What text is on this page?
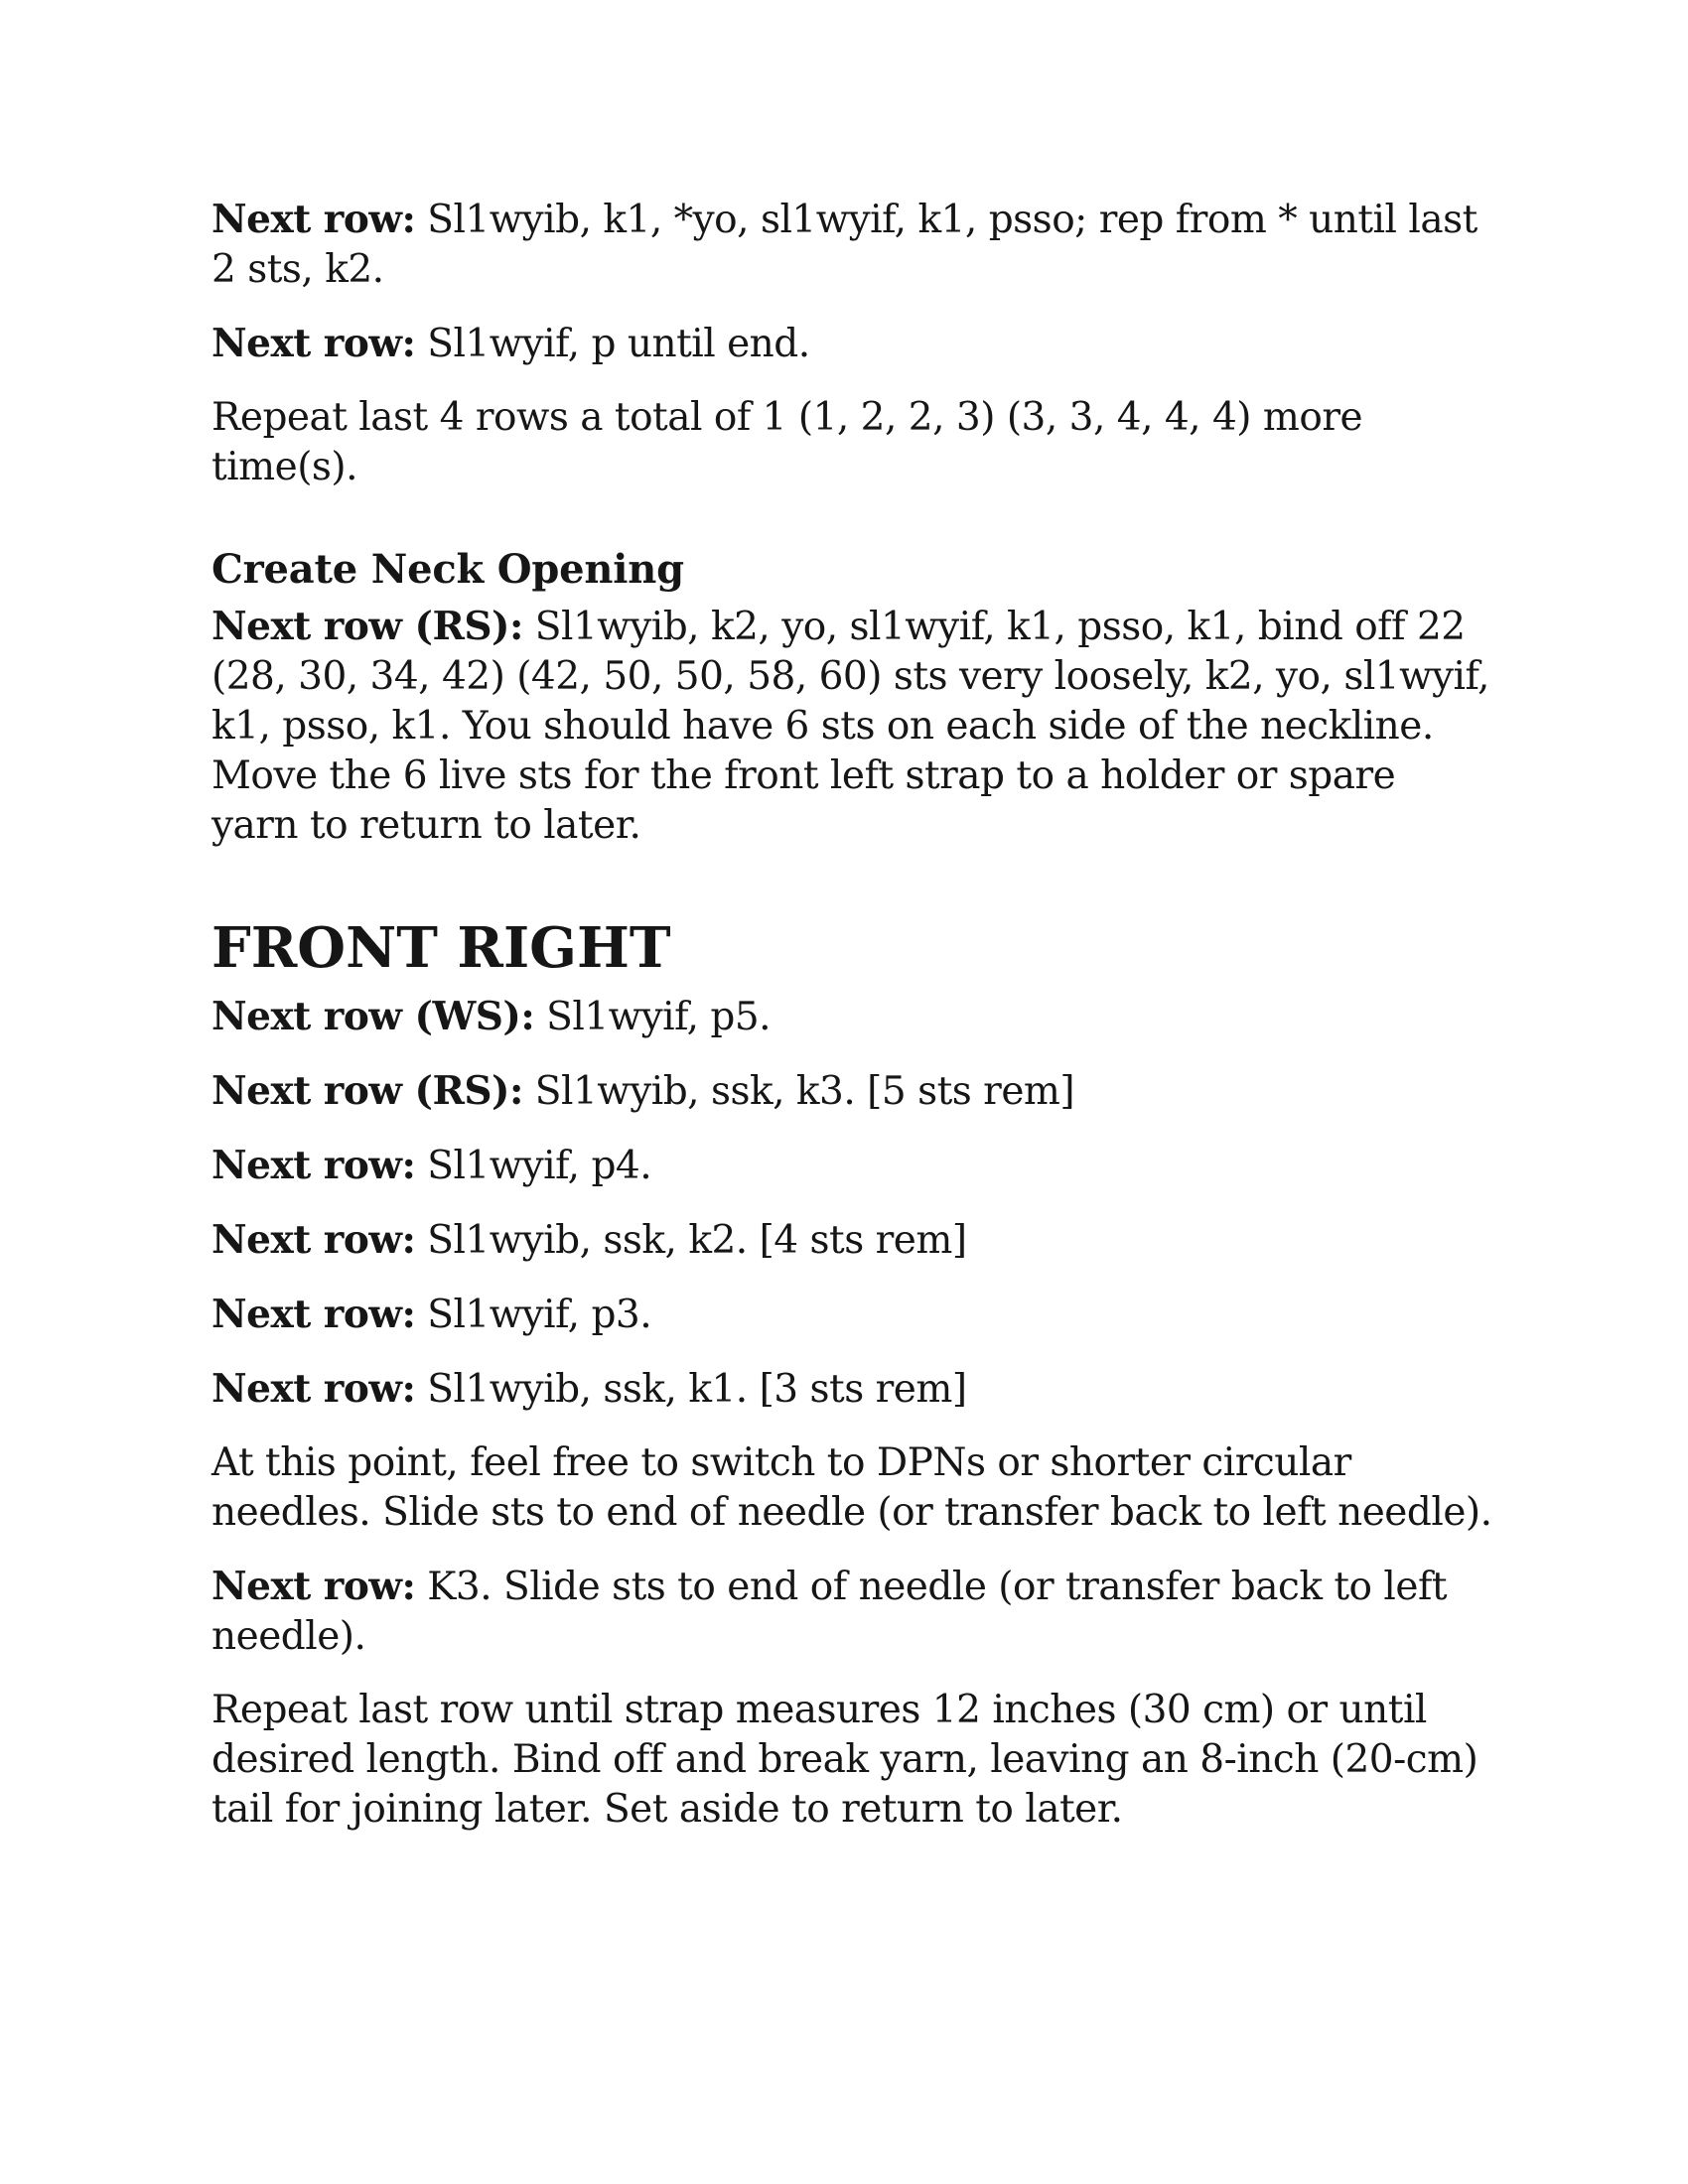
Next row: Sl1wyib, k1, *yo, sl1wyif, k1, psso; rep from * until last 2 sts, k2.

Next row: Sl1wyif, p until end.

Repeat last 4 rows a total of 1 (1, 2, 2, 3) (3, 3, 4, 4, 4) more time(s).

Create Neck Opening

Next row (RS): Sl1wyib, k2, yo, sl1wyif, k1, psso, k1, bind off 22 (28, 30, 34, 42) (42, 50, 50, 58, 60) sts very loosely, k2, yo, sl1wyif, k1, psso, k1. You should have 6 sts on each side of the neckline. Move the 6 live sts for the front left strap to a holder or spare yarn to return to later.

FRONT RIGHT

Next row (WS): Sl1wyif, p5.

Next row (RS): Sl1wyib, ssk, k3. [5 sts rem]

Next row: Sl1wyif, p4.

Next row: Sl1wyib, ssk, k2. [4 sts rem]

Next row: Sl1wyif, p3.

Next row: Sl1wyib, ssk, k1. [3 sts rem]

At this point, feel free to switch to DPNs or shorter circular needles. Slide sts to end of needle (or transfer back to left needle).

Next row: K3. Slide sts to end of needle (or transfer back to left needle).

Repeat last row until strap measures 12 inches (30 cm) or until desired length. Bind off and break yarn, leaving an 8-inch (20-cm) tail for joining later. Set aside to return to later.
